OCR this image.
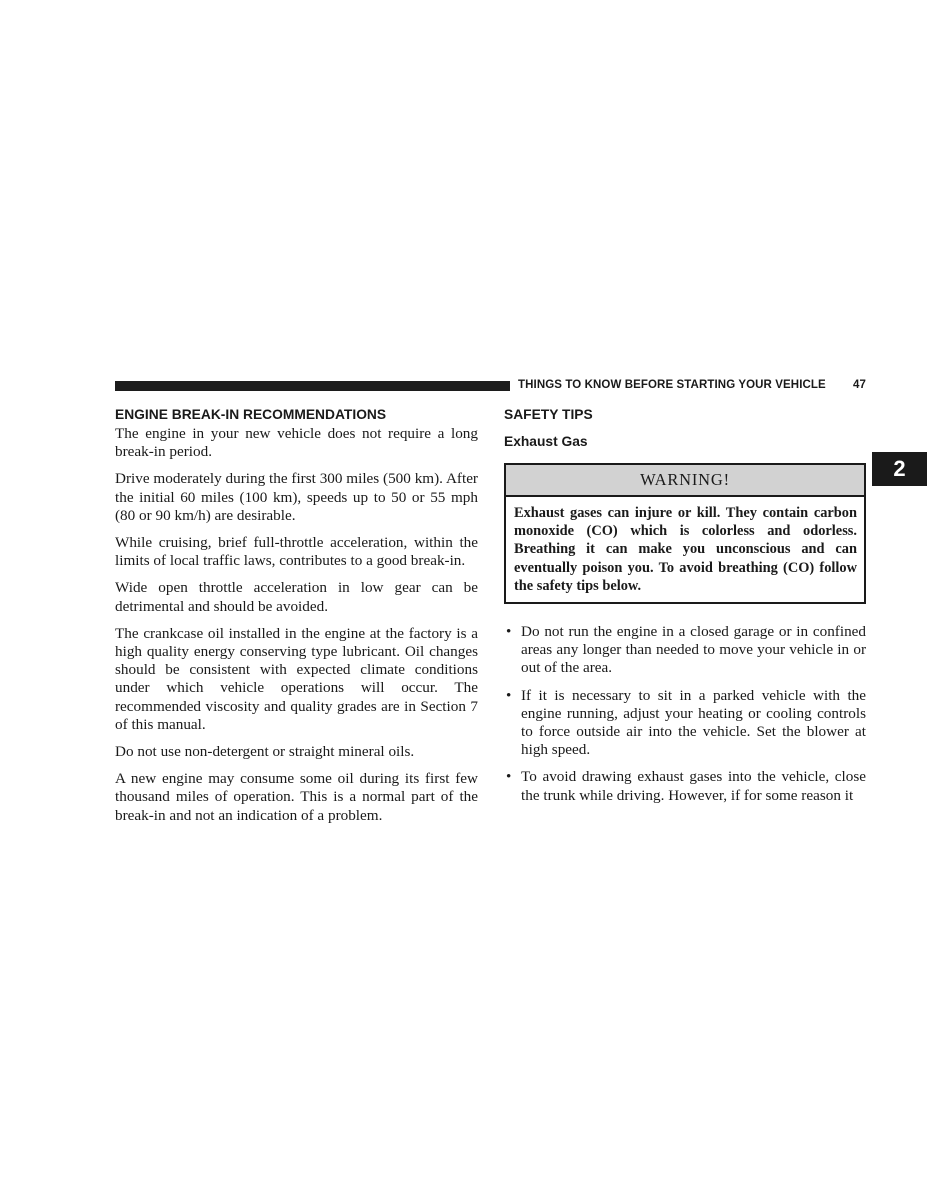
THINGS TO KNOW BEFORE STARTING YOUR VEHICLE 47
2
ENGINE BREAK-IN RECOMMENDATIONS

The engine in your new vehicle does not require a long break-in period.

Drive moderately during the first 300 miles (500 km). After the initial 60 miles (100 km), speeds up to 50 or 55 mph (80 or 90 km/h) are desirable.

While cruising, brief full-throttle acceleration, within the limits of local traffic laws, contributes to a good break-in.

Wide open throttle acceleration in low gear can be detrimental and should be avoided.

The crankcase oil installed in the engine at the factory is a high quality energy conserving type lubricant. Oil changes should be consistent with expected climate conditions under which vehicle operations will occur. The recommended viscosity and quality grades are in Section 7 of this manual.

Do not use non-detergent or straight mineral oils.

A new engine may consume some oil during its first few thousand miles of operation. This is a normal part of the break-in and not an indication of a problem.

SAFETY TIPS
Exhaust Gas
WARNING!
Exhaust gases can injure or kill. They contain carbon monoxide (CO) which is colorless and odorless. Breathing it can make you unconscious and can eventually poison you. To avoid breathing (CO) follow the safety tips below.
• Do not run the engine in a closed garage or in confined areas any longer than needed to move your vehicle in or out of the area.
• If it is necessary to sit in a parked vehicle with the engine running, adjust your heating or cooling controls to force outside air into the vehicle. Set the blower at high speed.
• To avoid drawing exhaust gases into the vehicle, close the trunk while driving. However, if for some reason it
